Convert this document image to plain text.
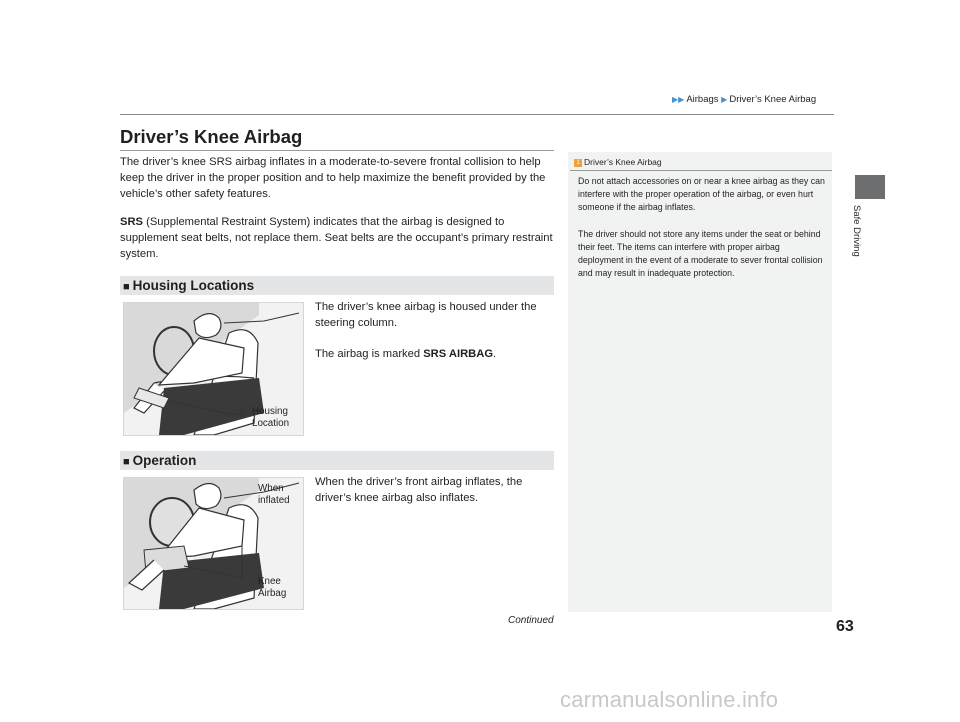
▶▶ Airbags ▶ Driver’s Knee Airbag
Safe Driving
Driver’s Knee Airbag
The driver’s knee SRS airbag inflates in a moderate-to-severe frontal collision to help keep the driver in the proper position and to help maximize the benefit provided by the vehicle’s other safety features.
SRS (Supplemental Restraint System) indicates that the airbag is designed to supplement seat belts, not replace them. Seat belts are the occupant’s primary restraint system.
■ Housing Locations
Housing
Location
The driver’s knee airbag is housed under the steering column.
The airbag is marked SRS AIRBAG.
■ Operation
When
inflated
Knee
Airbag
When the driver’s front airbag inflates, the driver’s knee airbag also inflates.
1 Driver’s Knee Airbag
Do not attach accessories on or near a knee airbag as they can interfere with the proper operation of the airbag, or even hurt someone if the airbag inflates.
The driver should not store any items under the seat or behind their feet. The items can interfere with proper airbag deployment in the event of a moderate to sever frontal collision and may result in inadequate protection.
Continued	63
carmanualsonline.info
